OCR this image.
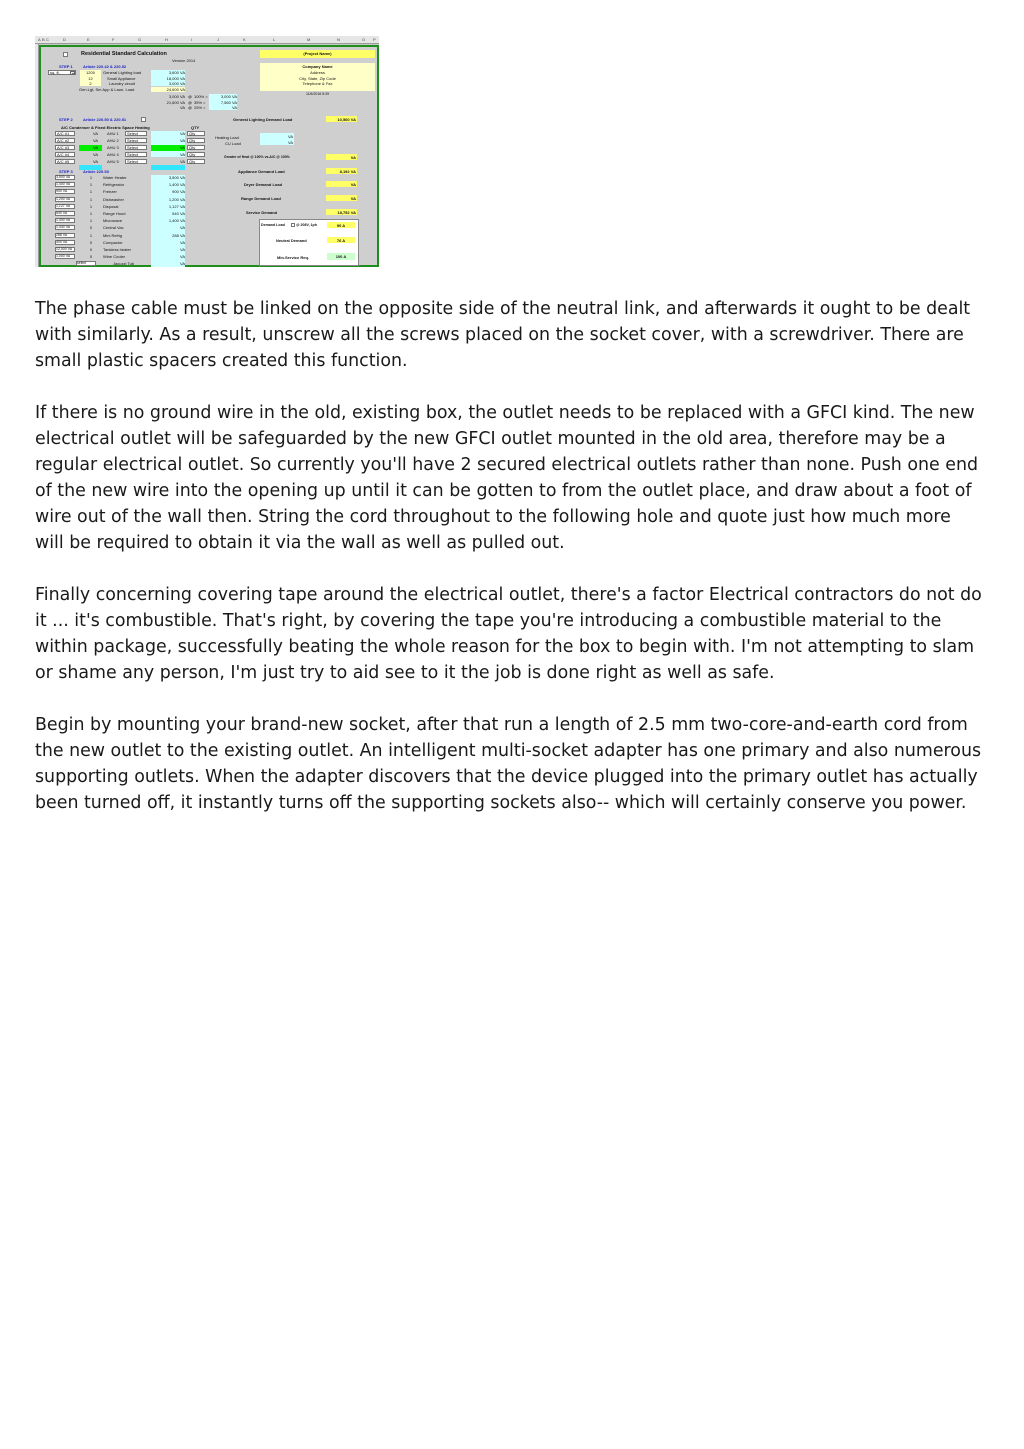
A B C	D	E	F	G	H	I	J	K	L	M	N	O P
Residential Standard Calculation
Version 2014
(Project Name)
Company Name
Address
City, State, Zip Code
Telephone & Fax
11/6/2016 8:39
STEP 1	Article 220.42 & 220.52
sq. ft.	1200	General Lighting load	3,600 VA
12	Small Appliance	18,000 VA
2	Laundry circuit	3,000 VA
Gen.Lgt, Sm App & Laun. Load	24,600 VA
3,000 VA @ 100% =	3,000 VA
21,600 VA @ 35% =	7,560 VA
VA @ 25% =	VA
General Lighting Demand Load	10,560 VA
STEP 2	Article 220.50 & 220.51
A/C Condenser & Fixed Electric Space Heating	QTY
A/C #1	VA AHU 1 Select	VA Qty
A/C #2	VA AHU 2 Select	VA Qty
A/C #3	VA AHU 3 Select	VA Qty
A/C #4	VA AHU 4 Select	VA Qty
A/C #5	VA AHU 5 Select	VA Qty
Heating Load	VA
CU Load	VA
Greater of Heat @ 100% vs.A/C @ 100%	VA
STEP 3	Article 220.53
3,500 VA	1	Water Heater	3,500 VA
1,400 VA	1	Refrigerator	1,400 VA
900 VA	1	Freezer	900 VA
1,200 VA	1	Dishwasher	1,200 VA
1,127 VA	1	Disposal	1,127 VA
540 VA	1	Range Hood	540 VA
1,400 VA	1	Microwave	1,400 VA
1,440 VA	0	Central Vac	VA
288 VA	1	Mini Refrig	288 VA
400 VA	0	Compactor	VA
12,000 VA	0	Tankless heater	VA
1,000 VA	0	Wine Cooler	VA
select	Jacuzzi Tub	VA
Appliance Demand Load	8,192 VA
Dryer Demand Load	VA
Range Demand Load	VA
Service Demand	18,752 VA
Demand Load	@ 208V, 1ph	90 A
Neutral Demand	76 A
Min.Service Req.	100 A

The phase cable must be linked on the opposite side of the neutral link, and afterwards it ought to be dealt with similarly. As a result, unscrew all the screws placed on the socket cover, with a screwdriver. There are small plastic spacers created this function.

If there is no ground wire in the old, existing box, the outlet needs to be replaced with a GFCI kind. The new electrical outlet will be safeguarded by the new GFCI outlet mounted in the old area, therefore may be a regular electrical outlet. So currently you'll have 2 secured electrical outlets rather than none. Push one end of the new wire into the opening up until it can be gotten to from the outlet place, and draw about a foot of wire out of the wall then. String the cord throughout to the following hole and quote just how much more will be required to obtain it via the wall as well as pulled out.

Finally concerning covering tape around the electrical outlet, there's a factor Electrical contractors do not do it ... it's combustible. That's right, by covering the tape you're introducing a combustible material to the within package, successfully beating the whole reason for the box to begin with. I'm not attempting to slam or shame any person, I'm just try to aid see to it the job is done right as well as safe.

Begin by mounting your brand-new socket, after that run a length of 2.5 mm two-core-and-earth cord from the new outlet to the existing outlet. An intelligent multi-socket adapter has one primary and also numerous supporting outlets. When the adapter discovers that the device plugged into the primary outlet has actually been turned off, it instantly turns off the supporting sockets also-- which will certainly conserve you power.
